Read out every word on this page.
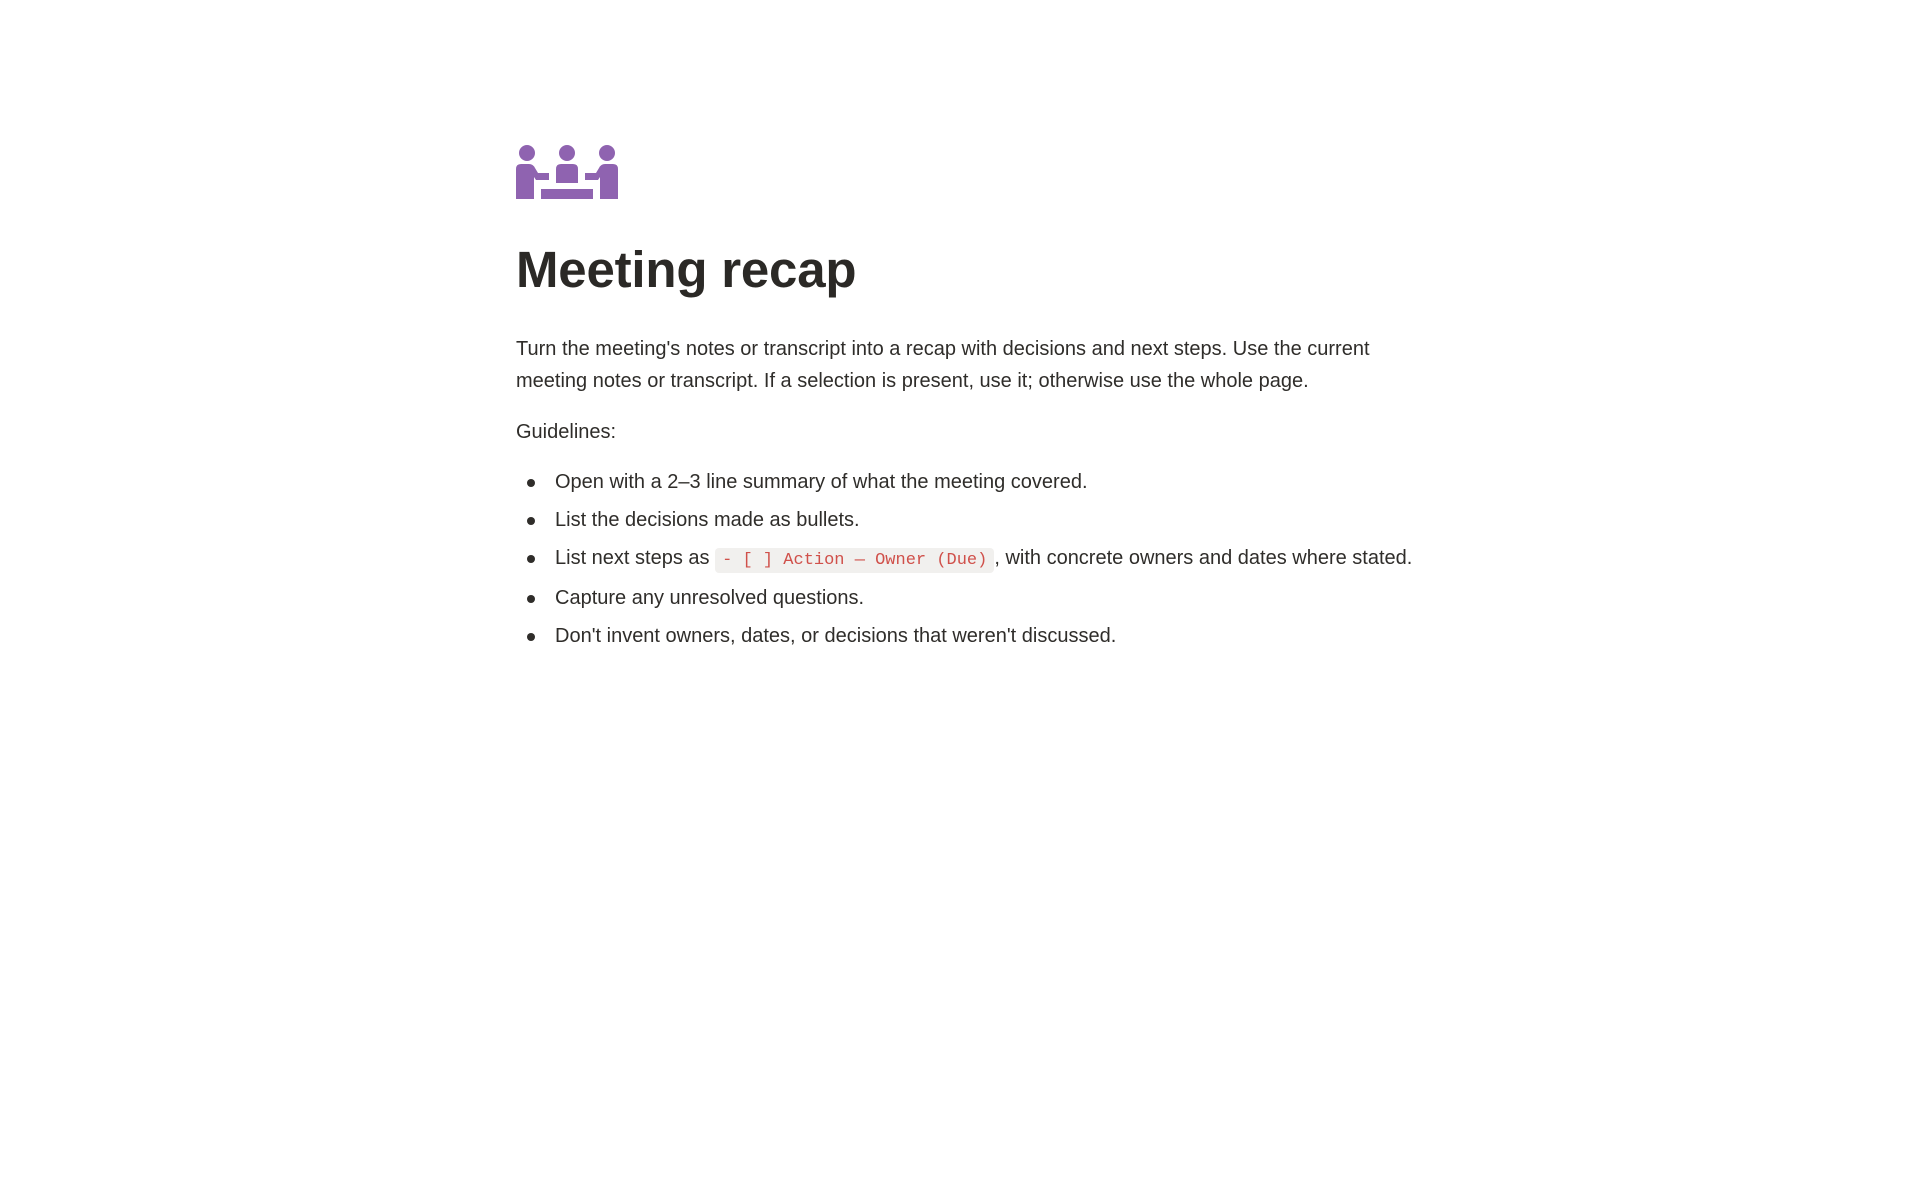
Meeting recap

Turn the meeting's notes or transcript into a recap with decisions and next steps. Use the current meeting notes or transcript. If a selection is present, use it; otherwise use the whole page.

Guidelines:

Open with a 2–3 line summary of what the meeting covered.
List the decisions made as bullets.
List next steps as - [ ] Action — Owner (Due) , with concrete owners and dates where stated.
Capture any unresolved questions.
Don't invent owners, dates, or decisions that weren't discussed.
